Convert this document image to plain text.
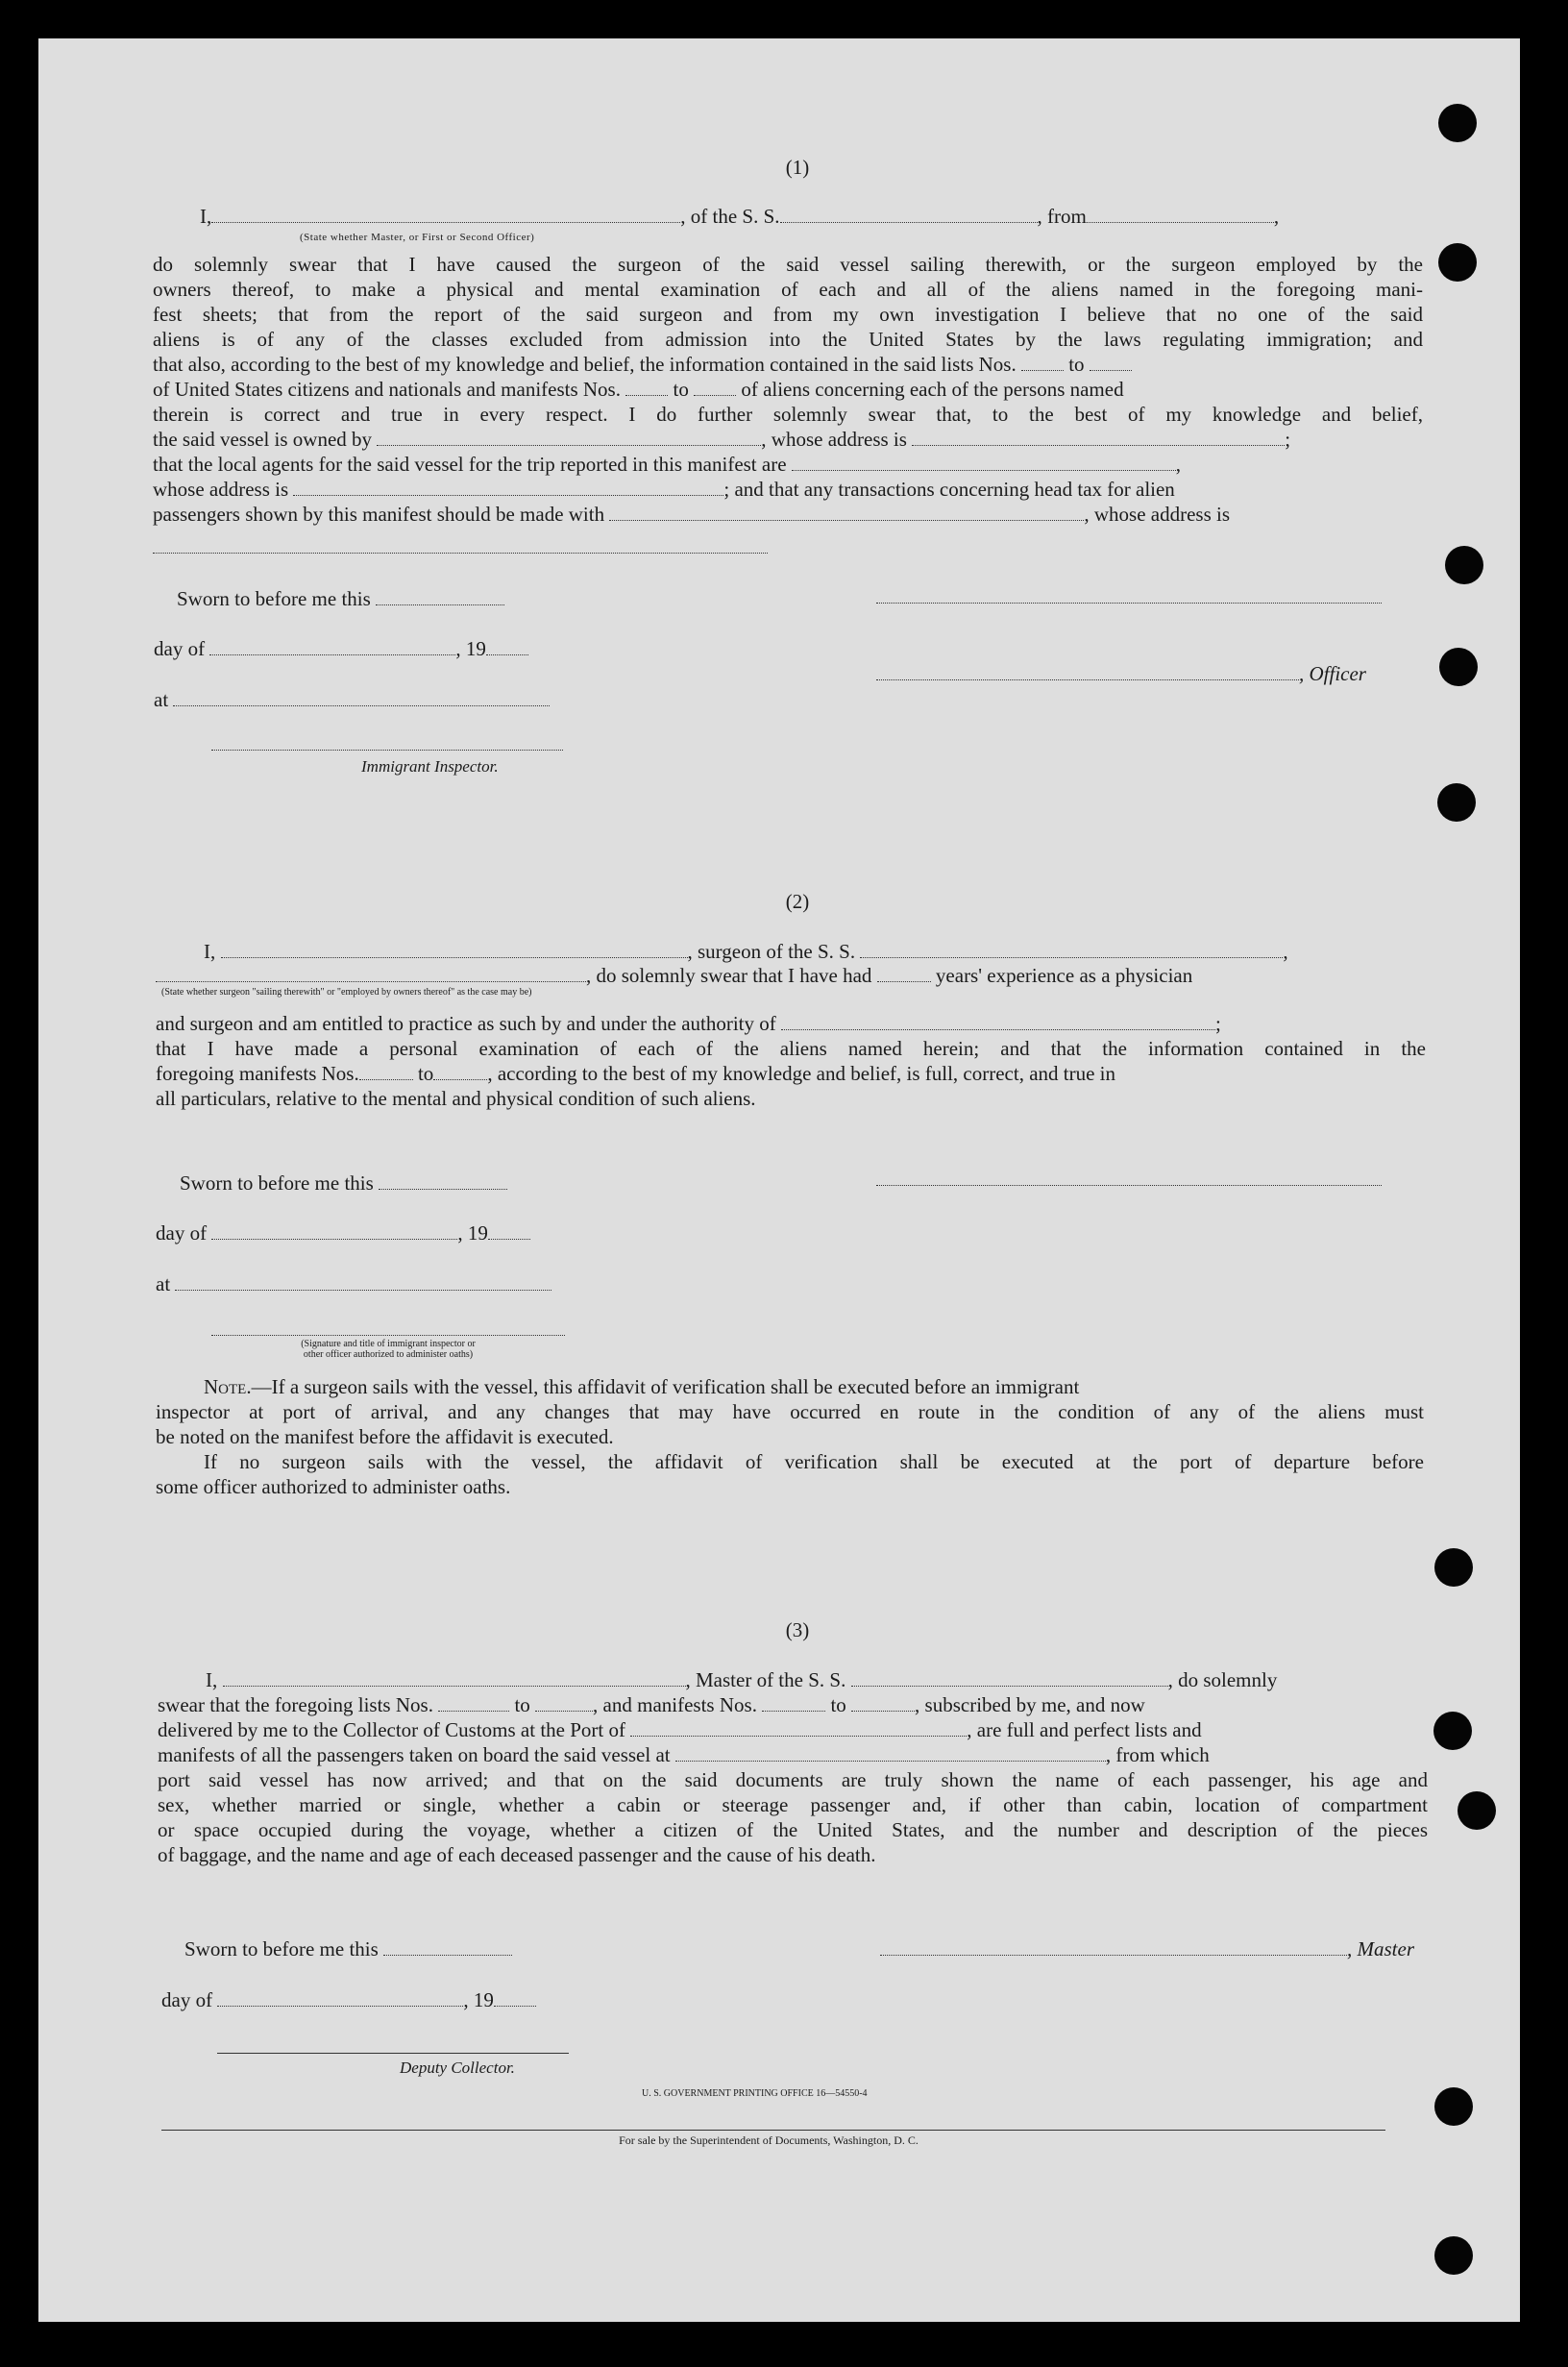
(1)
I,	, of the S. S.	, from	,
(State whether Master, or First or Second Officer)
do solemnly swear that I have caused the surgeon of the said vessel sailing therewith, or the surgeon employed by the
owners thereof, to make a physical and mental examination of each and all of the aliens named in the foregoing mani-
fest sheets; that from the report of the said surgeon and from my own investigation I believe that no one of the said
aliens is of any of the classes excluded from admission into the United States by the laws regulating immigration; and
that also, according to the best of my knowledge and belief, the information contained in the said lists Nos.	to
of United States citizens and nationals and manifests Nos.	to	of aliens concerning each of the persons named
therein is correct and true in every respect. I do further solemnly swear that, to the best of my knowledge and belief,
the said vessel is owned by	, whose address is	;
that the local agents for the said vessel for the trip reported in this manifest are	,
whose address is	; and that any transactions concerning head tax for alien
passengers shown by this manifest should be made with	, whose address is
Sworn to before me this
day of	, 19
, Officer
at
Immigrant Inspector.
(2)
I,	, surgeon of the S. S.	,
, do solemnly swear that I have had	years' experience as a physician
(State whether surgeon "sailing therewith" or "employed by owners thereof" as the case may be)
and surgeon and am entitled to practice as such by and under the authority of	;
that I have made a personal examination of each of the aliens named herein; and that the information contained in the
foregoing manifests Nos.	to	, according to the best of my knowledge and belief, is full, correct, and true in
all particulars, relative to the mental and physical condition of such aliens.
Sworn to before me this
day of	, 19
at
(Signature and title of immigrant inspector or
other officer authorized to administer oaths)
Note.—If a surgeon sails with the vessel, this affidavit of verification shall be executed before an immigrant
inspector at port of arrival, and any changes that may have occurred en route in the condition of any of the aliens must
be noted on the manifest before the affidavit is executed.
If no surgeon sails with the vessel, the affidavit of verification shall be executed at the port of departure before
some officer authorized to administer oaths.
(3)
I,	, Master of the S. S.	, do solemnly
swear that the foregoing lists Nos.	to	, and manifests Nos.	to	, subscribed by me, and now
delivered by me to the Collector of Customs at the Port of	, are full and perfect lists and
manifests of all the passengers taken on board the said vessel at	, from which
port said vessel has now arrived; and that on the said documents are truly shown the name of each passenger, his age and
sex, whether married or single, whether a cabin or steerage passenger and, if other than cabin, location of compartment
or space occupied during the voyage, whether a citizen of the United States, and the number and description of the pieces
of baggage, and the name and age of each deceased passenger and the cause of his death.
Sworn to before me this	, Master
day of	, 19
Deputy Collector.
U. S. GOVERNMENT PRINTING OFFICE 16—54550-4
For sale by the Superintendent of Documents, Washington, D. C.
